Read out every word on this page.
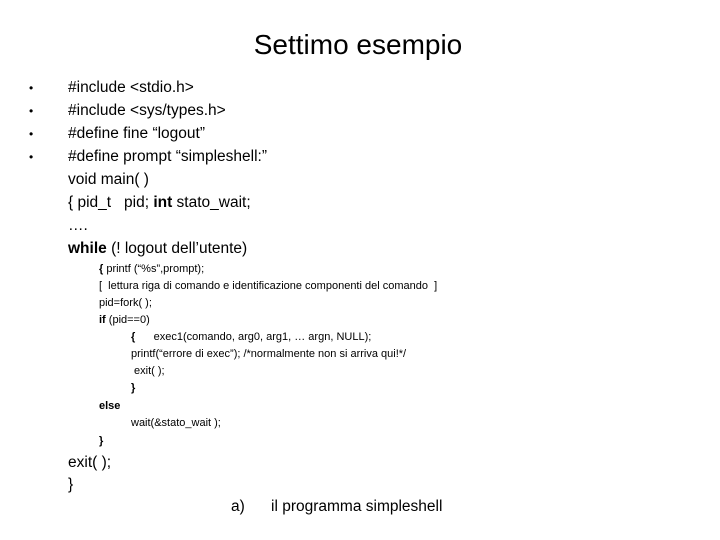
Settimo esempio
•
•
•
•
#include <stdio.h>
#include <sys/types.h>
#define fine “logout”
#define prompt “simpleshell:”
void main( )
{ pid_t   pid; int stato_wait;
….
while (! logout dell’utente)
{ printf (“%s”,prompt);
[  lettura riga di comando e identificazione componenti del comando  ]
pid=fork( );
if (pid==0)
{      exec1(comando, arg0, arg1, … argn, NULL);
printf(“errore di exec”); /*normalmente non si arriva qui!*/
exit( );
}
else
wait(&stato_wait );
}
exit( );
}
a) il programma simpleshell
